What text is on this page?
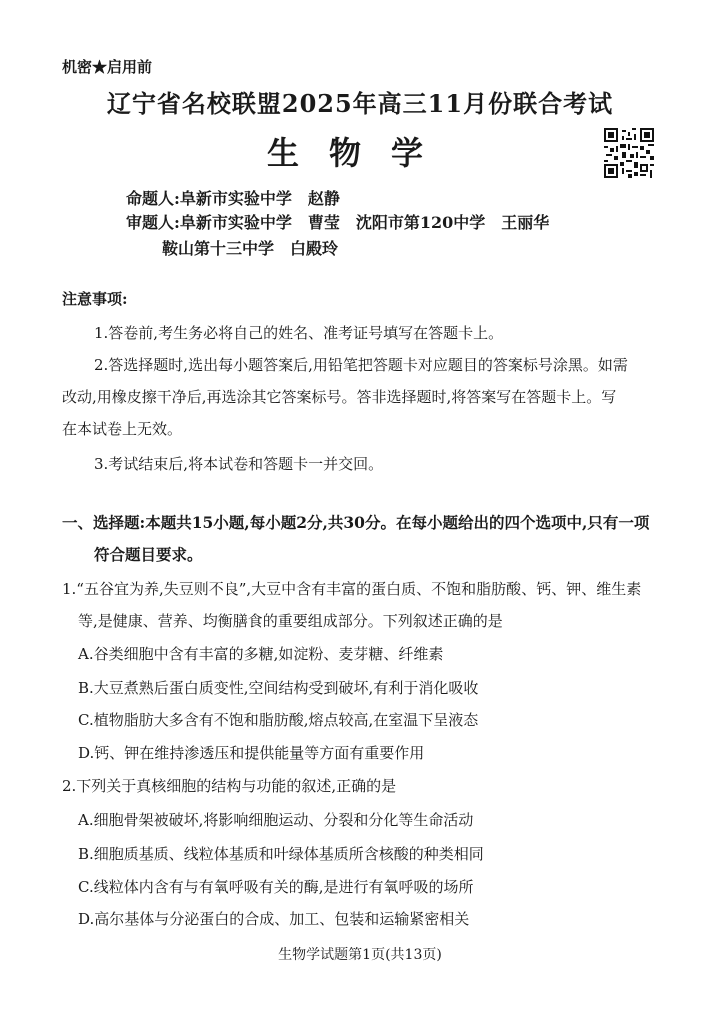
机密★启用前
辽宁省名校联盟2025年高三11月份联合考试
生物学
命题人:阜新市实验中学　赵静
审题人:阜新市实验中学　曹莹　沈阳市第120中学　王丽华
鞍山第十三中学　白殿玲
注意事项:
1.答卷前,考生务必将自己的姓名、准考证号填写在答题卡上。
2.答选择题时,选出每小题答案后,用铅笔把答题卡对应题目的答案标号涂黑。如需
改动,用橡皮擦干净后,再选涂其它答案标号。答非选择题时,将答案写在答题卡上。写
在本试卷上无效。
3.考试结束后,将本试卷和答题卡一并交回。
一、选择题:本题共15小题,每小题2分,共30分。在每小题给出的四个选项中,只有一项
符合题目要求。
1.“五谷宜为养,失豆则不良”,大豆中含有丰富的蛋白质、不饱和脂肪酸、钙、钾、维生素
等,是健康、营养、均衡膳食的重要组成部分。下列叙述正确的是
A.谷类细胞中含有丰富的多糖,如淀粉、麦芽糖、纤维素
B.大豆煮熟后蛋白质变性,空间结构受到破坏,有利于消化吸收
C.植物脂肪大多含有不饱和脂肪酸,熔点较高,在室温下呈液态
D.钙、钾在维持渗透压和提供能量等方面有重要作用
2.下列关于真核细胞的结构与功能的叙述,正确的是
A.细胞骨架被破坏,将影响细胞运动、分裂和分化等生命活动
B.细胞质基质、线粒体基质和叶绿体基质所含核酸的种类相同
C.线粒体内含有与有氧呼吸有关的酶,是进行有氧呼吸的场所
D.高尔基体与分泌蛋白的合成、加工、包装和运输紧密相关
生物学试题第1页(共13页)
